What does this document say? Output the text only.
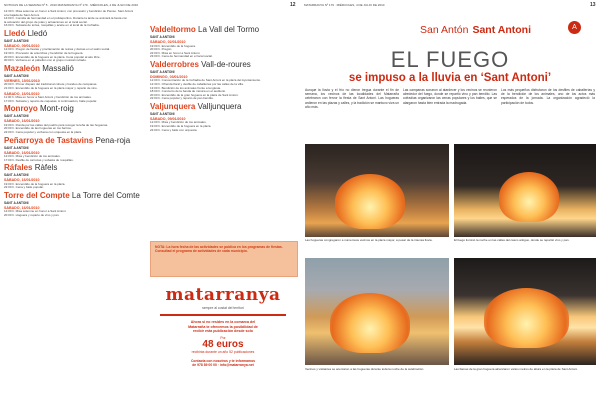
NOTICIAS DE LA SEMANA Nº 5 · 2010 MATARRANYA Nº 179 · MIÉRCOLES, 4 DE JULIO DE 2010	12
12:30 h. Misa solemne en honor a Sant Antoni, con procesión y bendición de Pienso. Sant Antoni
a la bajada de Sant Antoni.
14:00 h. Comida de hermandad en el polideportivo. Durante la tarde se animará la fiesta con
la actuación del grupo de jotas y actuaciones en el local social.
16:00 h. Subasta de tortas, rosquillas y aceite en el local de la Cofradía.
Lledó Lledó
SANT A ANTONI
SÁBADO, 09/01/2010
12:00 h. Pregón de fiestas y proclamación de reinas y damas en el salón social.
19:30 h. Procesión de antorchas y bendición de la hoguera.
20:00 h. Encendido de la hoguera en la plaza. Cena popular al aire libre.
00:00 h. Verbena en el pabellón con el grupo musical invitado.
Mazaleón Massalió
SANT A ANTONI
VIERNES, 15/01/2010
20:00 h. Primer disparo del tradicional cohete y bandeo de campanas.
21:00 h. Encendido de la hoguera en la plaza mayor y reparto de vino.
SÁBADO, 16/01/2010
11:00 h. Misa en honor a Sant Antoni y bendición de los animales.
17:00 h. Subasta y reparto de coquetas. A continuación, baile popular.
Monroyo Mont-roig
SANT A ANTONI
SÁBADO, 16/01/2010
19:00 h. Ronda por las calles del pueblo para recoger la leña de las hogueras.
20:00 h. Encendido de las hogueras en los barrios.
22:00 h. Cena popular y verbena con orquesta en la plaza.
Peñarroya de Tastavins Pena-roja
SANT A ANTONI
SÁBADO, 16/01/2010
12:00 h. Misa y bendición de los animales.
17:00 h. Desfile de carrozas y subasta de rosquillas.
Ráfales Ràfels
SANT A ANTONI
SÁBADO, 16/01/2010
19:00 h. Encendido de la hoguera en la plaza.
22:00 h. Cena y baile popular.
Torre del Compte La Torre del Comte
SANT A ANTONI
SÁBADO, 16/01/2010
12:00 h. Misa solemne en honor a Sant Antoni.
20:00 h. Hoguera y reparto de vino y pan.
Valdeltormo La Vall del Tormo
SANT A ANTONI
SÁBADO, 02/01/2010
19:00 h. Encendido de la hoguera.
20:00 h. Pregón.
22:00 h. Misa en honor a Sant Antoni.
23:00 h. Cena de hermandad en el local social.
Valderrobres Vall-de-roures
SANT A ANTONI
DOMINGO, 03/01/2010
12:00 h. Concentración de la Cofradía de Sant Antoni en la plaza del Ayuntamiento.
12:30 h. Ofrenda floral y desfile de caballerías por las calles de la villa.
13:00 h. Bendición de los animales frente a la iglesia.
18:00 h. Concierto de la banda de música en el auditorio.
20:00 h. Encendido de la gran hoguera en la plaza de Sant Antoni.
22:00 h. Cena popular y reparto de pan bendito.
Valjunquera Valljunquera
SANT A ANTONI
SÁBADO, 09/01/2010
12:00 h. Misa y bendición de los animales.
19:00 h. Encendido de la hoguera en la plaza.
22:00 h. Cena y baile con orquesta.
NOTA: La hora fecha de las actividades se publica en los programas de fiestas. Consultad el programa de actividades de cada municipio.
matarranya
sempre al costat del territori
Ahora si no resides en la comarca del
Matarraña te ofrecemos la posibilidad de
recibir esta publicación desde solo
Por
48 euros
recibirás durante un año 52 publicaciones
Contacta con nosotros y te informamos
de 978 89 00 00 · info@matarranya.net
MATARRANYA Nº 179 · MIÉRCOLES, 4 DE JULIO DE 2010	13
San Antón Sant Antoni	A
EL FUEGO
se impuso a la lluvia en ‘Sant Antoni’
Aunque la lluvia y el frío no dieron tregua durante el fin de semana, los vecinos de las localidades del Matarraña celebraron con fervor la fiesta de Sant Antoni. Las hogueras ardieron en las plazas y calles, y la tradición se mantuvo viva un año más.
Las campanas sonaron al atardecer y los vecinos se reunieron alrededor del fuego, donde se repartió vino y pan bendito. Las cofradías organizaron las cenas populares y los bailes, que se alargaron hasta bien entrada la madrugada.
Los más pequeños disfrutaron de los desfiles de caballerías y de la bendición de los animales, uno de los actos más esperados de la jornada. La organización agradeció la participación de todos.
Las hogueras congregaron a numerosos vecinos en la plaza mayor, a pesar de la intensa lluvia.	El fuego iluminó la noche en las calles del casco antiguo, donde se repartió vino y pan.
Vecinos y visitantes se acercaron a las hogueras durante toda la noche de la celebración.	Las llamas de la gran hoguera alcanzaron varios metros de altura en la plaza de Sant Antoni.
